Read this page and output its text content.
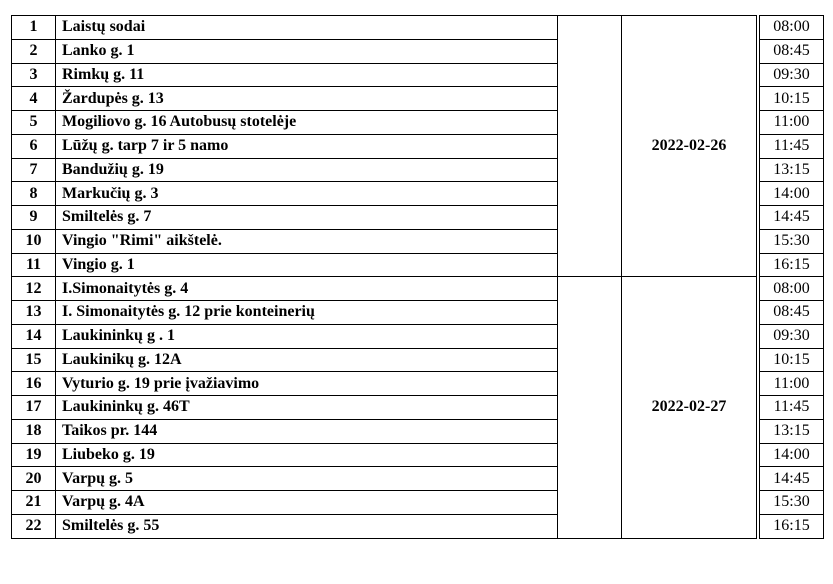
1	Laistų sodai		2022-02-26		08:00
2	Lanko g. 1				08:45
3	Rimkų g. 11				09:30
4	Žardupės g. 13				10:15
5	Mogiliovo g. 16 Autobusų stotelėje				11:00
6	Lūžų g. tarp 7 ir 5 namo				11:45
7	Bandužių g. 19				13:15
8	Markučių g. 3				14:00
9	Smiltelės g. 7				14:45
10	Vingio "Rimi" aikštelė.				15:30
11	Vingio g. 1				16:15
12	I.Simonaitytės g. 4		2022-02-27		08:00
13	I. Simonaitytės g. 12 prie konteinerių				08:45
14	Laukininkų g . 1				09:30
15	Laukinikų g. 12A				10:15
16	Vyturio g. 19 prie įvažiavimo				11:00
17	Laukininkų g. 46T				11:45
18	Taikos pr. 144				13:15
19	Liubeko g. 19				14:00
20	Varpų g. 5				14:45
21	Varpų g. 4A				15:30
22	Smiltelės g. 55				16:15
